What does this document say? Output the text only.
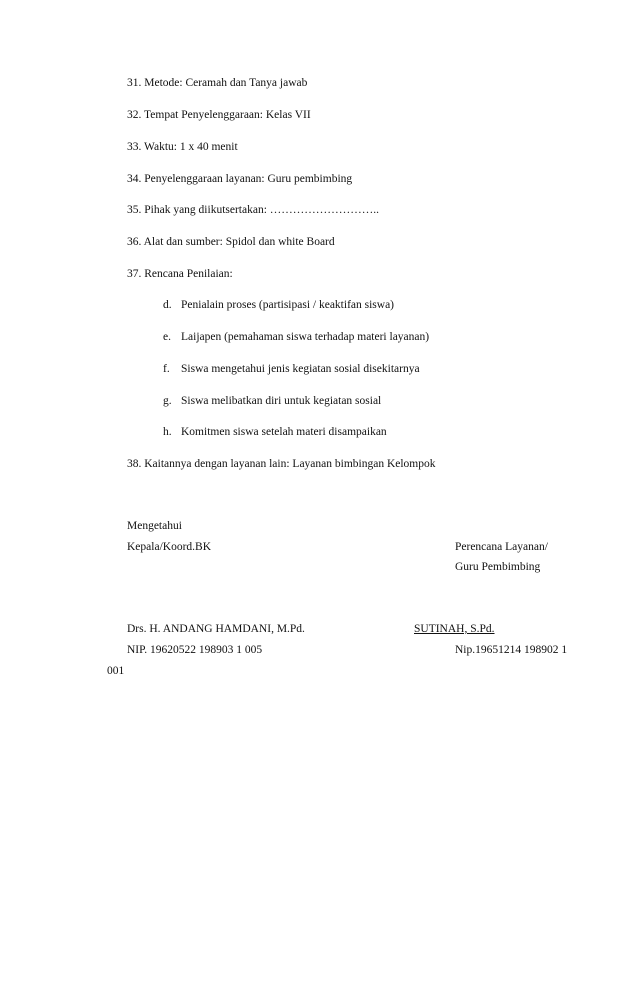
31. Metode: Ceramah dan Tanya jawab
32. Tempat Penyelenggaraan: Kelas VII
33. Waktu: 1 x 40 menit
34. Penyelenggaraan layanan: Guru pembimbing
35. Pihak yang diikutsertakan: ………………………..
36. Alat dan sumber: Spidol dan white Board
37. Rencana Penilaian:
d. Penialain proses (partisipasi / keaktifan siswa)
e. Laijapen (pemahaman siswa terhadap materi layanan)
f. Siswa mengetahui jenis kegiatan sosial disekitarnya
g. Siswa melibatkan diri untuk kegiatan sosial
h. Komitmen siswa setelah materi disampaikan
38. Kaitannya dengan layanan lain: Layanan bimbingan Kelompok
Mengetahui
Kepala/Koord.BK	Perencana Layanan/
Guru Pembimbing
Drs. H. ANDANG HAMDANI, M.Pd.	SUTINAH, S.Pd.
NIP. 19620522 198903 1 005	Nip.19651214 198902 1
001
